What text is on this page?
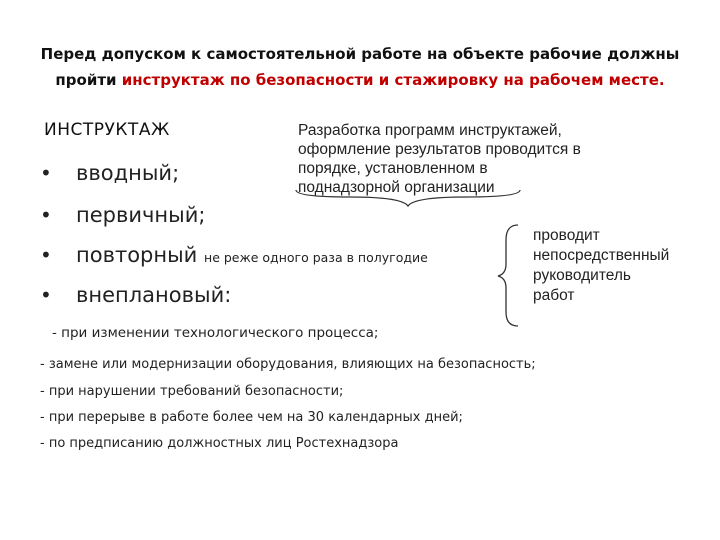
Перед допуском к самостоятельной работе на объекте рабочие должны
пройти инструктаж по безопасности и стажировку на рабочем месте.
ИНСТРУКТАЖ	Разработка программ инструктажей,
оформление результатов проводится в
порядке, установленном в
поднадзорной организации
• вводный;
• первичный;
• повторный не реже одного раза в полугодие
• внеплановый:
проводит
непосредственный
руководитель
работ
- при изменении технологического процесса;
- замене или модернизации оборудования, влияющих на безопасность;
- при нарушении требований безопасности;
- при перерыве в работе более чем на 30 календарных дней;
- по предписанию должностных лиц Ростехнадзора
